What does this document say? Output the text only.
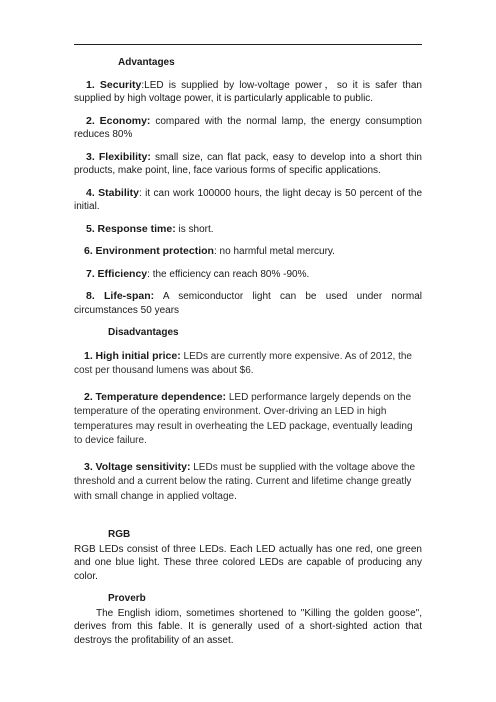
Advantages

1. Security:LED is supplied by low-voltage power，so it is safer than supplied by high voltage power, it is particularly applicable to public.

2. Economy: compared with the normal lamp, the energy consumption reduces 80%

3. Flexibility: small size, can flat pack, easy to develop into a short thin products, make point, line, face various forms of specific applications.

4. Stability: it can work 100000 hours, the light decay is 50 percent of the initial.

5. Response time: is short.

6. Environment protection: no harmful metal mercury.

7. Efficiency: the efficiency can reach 80% -90%.

8. Life-span: A semiconductor light can be used under normal circumstances 50 years

Disadvantages

1. High initial price: LEDs are currently more expensive. As of 2012, the cost per thousand lumens was about $6.

2. Temperature dependence: LED performance largely depends on the temperature of the operating environment. Over-driving an LED in high temperatures may result in overheating the LED package, eventually leading to device failure.

3. Voltage sensitivity: LEDs must be supplied with the voltage above the threshold and a current below the rating. Current and lifetime change greatly with small change in applied voltage.

RGB

RGB LEDs consist of three LEDs. Each LED actually has one red, one green and one blue light. These three colored LEDs are capable of producing any color.

Proverb

The English idiom, sometimes shortened to "Killing the golden goose", derives from this fable. It is generally used of a short-sighted action that destroys the profitability of an asset.
